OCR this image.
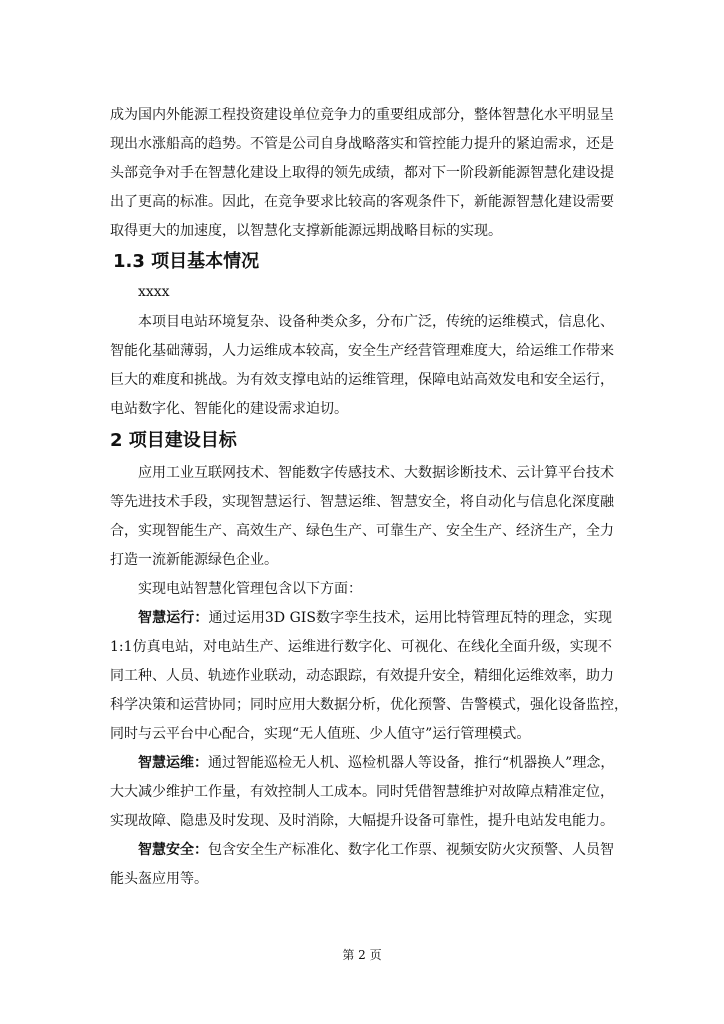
1.3 项目基本情况
2 项目建设目标
第 2 页
成为国内外能源工程投资建设单位竞争力的重要组成部分，整体智慧化水平明显呈
现出水涨船高的趋势。不管是公司自身战略落实和管控能力提升的紧迫需求，还是
头部竞争对手在智慧化建设上取得的领先成绩，都对下一阶段新能源智慧化建设提
出了更高的标准。因此，在竞争要求比较高的客观条件下，新能源智慧化建设需要
取得更大的加速度，以智慧化支撑新能源远期战略目标的实现。
xxxx
本项目电站环境复杂、设备种类众多，分布广泛，传统的运维模式，信息化、
智能化基础薄弱，人力运维成本较高，安全生产经营管理难度大，给运维工作带来
巨大的难度和挑战。为有效支撑电站的运维管理，保障电站高效发电和安全运行，
电站数字化、智能化的建设需求迫切。
应用工业互联网技术、智能数字传感技术、大数据诊断技术、云计算平台技术
等先进技术手段，实现智慧运行、智慧运维、智慧安全，将自动化与信息化深度融
合，实现智能生产、高效生产、绿色生产、可靠生产、安全生产、经济生产，全力
打造一流新能源绿色企业。
实现电站智慧化管理包含以下方面：
智慧运行：通过运用3D GIS数字孪生技术，运用比特管理瓦特的理念，实现
1:1仿真电站，对电站生产、运维进行数字化、可视化、在线化全面升级，实现不
同工种、人员、轨迹作业联动，动态跟踪，有效提升安全，精细化运维效率，助力
科学决策和运营协同；同时应用大数据分析，优化预警、告警模式，强化设备监控，
同时与云平台中心配合，实现“无人值班、少人值守”运行管理模式。
智慧运维：通过智能巡检无人机、巡检机器人等设备，推行“机器换人”理念，
大大减少维护工作量，有效控制人工成本。同时凭借智慧维护对故障点精准定位，
实现故障、隐患及时发现、及时消除，大幅提升设备可靠性，提升电站发电能力。
智慧安全：包含安全生产标准化、数字化工作票、视频安防火灾预警、人员智
能头盔应用等。
